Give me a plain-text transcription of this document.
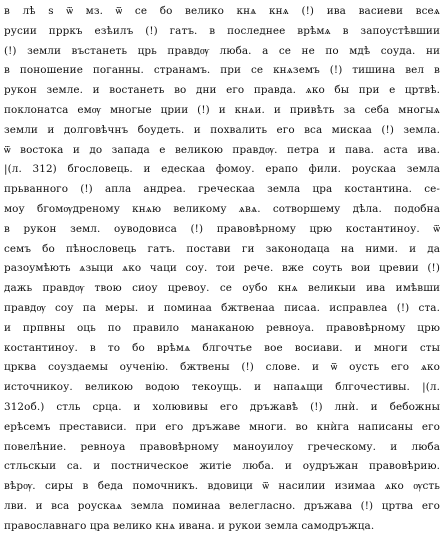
в лѣ ѕ ѿ мз. ѿ се бо велико кнѧ кнѧ (!) ива васиеви всеѧ
русии прркъ езѣилъ (!) гатъ. в последнее врѣмѧ в запоустѣвшии
(!) земли въстанеть црь правдѹ люба. а се не по мдѣ соуда. ни
в поношение поганны. странамъ. при се кнѧземъ (!) тишина вел в
рукон земле. и востанеть во дни его правда. ѧко бы при е цртвѣ.
поклонатса емѹ многые црии (!) и кнѧи. и привѣть за себа многыѧ
земли и долговѣчнъ боудеть. и похвалить его вса мискаа (!) земла.
ѿ востока и до запада е великою правдѹ. петра и пава. аста ива.
|(л. 312) бгословець. и едескаа фомоу. ерапо фили. роускаа земла
прьванного (!) апла андреа. греческаа земла цра костантина. се-
моу бгомѹдреному кнѧю великому ѧвѧ. сотворшему дѣла. подобна
в рукон земл. оуводовиса (!) правовѣрному црю костантиноу. ѿ
семъ бо пѣнословець гатъ. постави ги законодаца на ними. и да
разоумѣють ѧзыци ѧко чаци соу. тои рече. вже соуть вои цревии (!)
дажь правдѹ твою сиоу цревоу. се оубо кнѧ великыи ива имѣвши
правдѹ соу па меры. и поминаа бжтвенаа писаа. исправлеа (!) ста.
и прпвны оць по правило манаканою ревноуа. правовѣрному црю
костантиноу. в то бо врѣмѧ блгочтье вое восиави. и многи сты
црква соуздаемы оученію. бжтвены (!) слове. и ѿ оусть его ѧко
источникоу. великою водою текоущь. и напаѧщи блгочестивы. |(л.
312об.) стль срца. и холювивы его дръжавѣ (!) лнѝ. и бебожны
ерѣсемъ престависи. при его дръжаве многи. во кнѝга написаны его
повелѣние. ревноуа правовѣрному маноуилоу греческому. и люба
стльскыи са. и постническое житіе люба. и оудръжан правовѣрию.
вѣрѹ. сиры в беда помочникъ. вдовици ѿ насилии изимаа ѧко ѹсть
лви. и вса роускаѧ земла поминаа велегласно. дръжава (!) цртва его
православнаго цра велико кнѧ ивана. и рукои земла самодръжца.
